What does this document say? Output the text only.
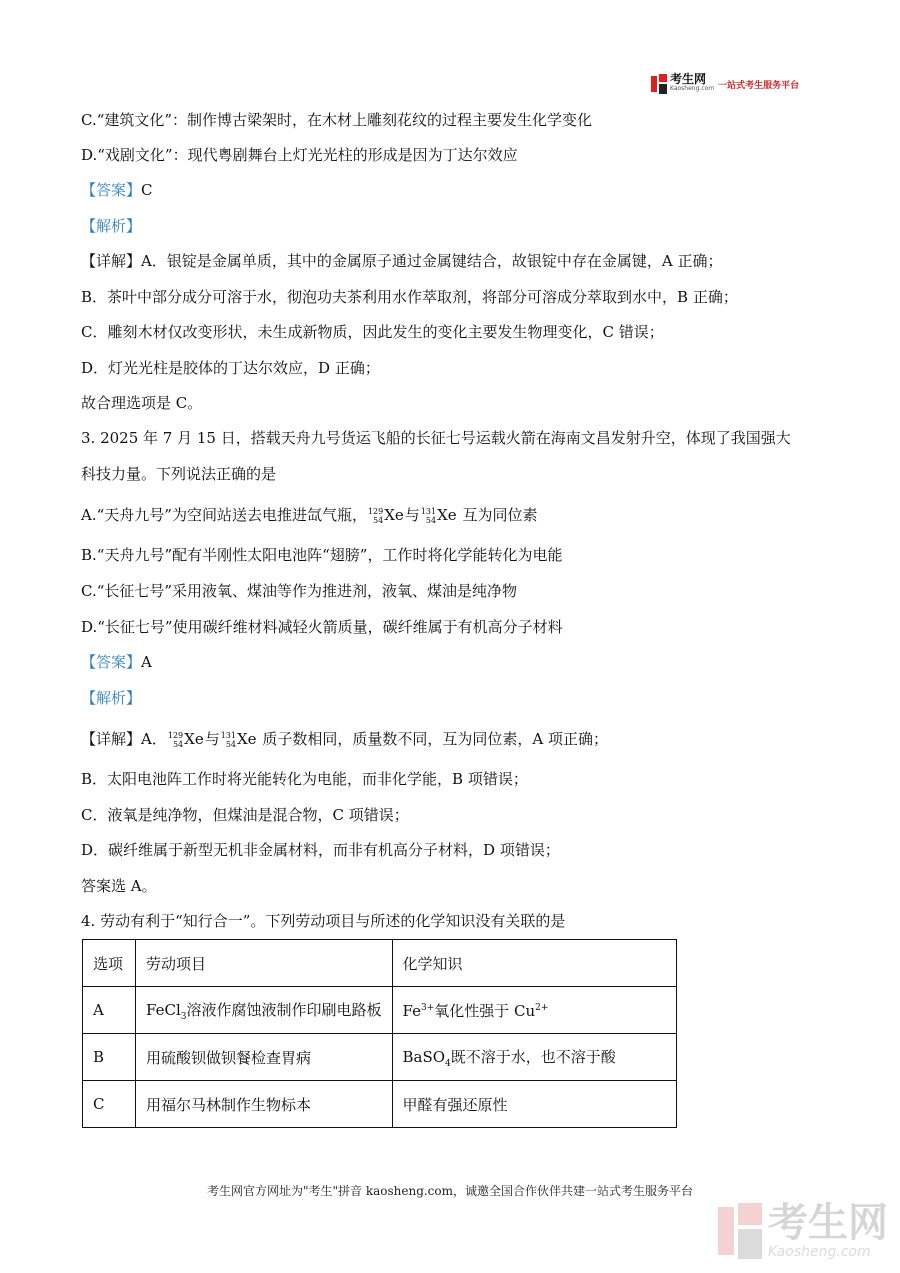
考生网
Kaosheng.com 一站式考生服务平台
C.“建筑文化”：制作博古梁架时，在木材上雕刻花纹的过程主要发生化学变化
D.“戏剧文化”：现代粤剧舞台上灯光光柱的形成是因为丁达尔效应
【答案】C
【解析】
【详解】A．银锭是金属单质，其中的金属原子通过金属键结合，故银锭中存在金属键，A 正确；
B．茶叶中部分成分可溶于水，彻泡功夫茶利用水作萃取剂，将部分可溶成分萃取到水中，B 正确；
C．雕刻木材仅改变形状，未生成新物质，因此发生的变化主要发生物理变化，C 错误；
D．灯光光柱是胶体的丁达尔效应，D 正确；
故合理选项是 C。
3. 2025 年 7 月 15 日，搭载天舟九号货运飞船的长征七号运载火箭在海南文昌发射升空，体现了我国强大
科技力量。下列说法正确的是
A.“天舟九号”为空间站送去电推进氙气瓶， 129
54 Xe与 131
54 Xe 互为同位素
B.“天舟九号”配有半刚性太阳电池阵“翅膀”，工作时将化学能转化为电能
C.“长征七号”采用液氧、煤油等作为推进剂，液氧、煤油是纯净物
D.“长征七号”使用碳纤维材料减轻火箭质量，碳纤维属于有机高分子材料
【答案】A
【解析】
【详解】A． 129
54 Xe与 131
54 Xe 质子数相同，质量数不同，互为同位素，A 项正确；
B．太阳电池阵工作时将光能转化为电能，而非化学能，B 项错误；
C．液氧是纯净物，但煤油是混合物，C 项错误；
D．碳纤维属于新型无机非金属材料，而非有机高分子材料，D 项错误；
答案选 A。
4. 劳动有利于“知行合一”。下列劳动项目与所述的化学知识没有关联的是
选项	劳动项目	化学知识
A	FeCl$_3$溶液作腐蚀液制作印刷电路板	$Fe^{3+}$氧化性强于 $Cu^{2+}$
B	用硫酸钡做钡餐检查胃病	BaSO$_4$既不溶于水，也不溶于酸
C	用福尔马林制作生物标本	甲醛有强还原性
考生网官方网址为"考生"拼音 kaosheng.com，诚邀全国合作伙伴共建一站式考生服务平台
考生网
Kaosheng.com
